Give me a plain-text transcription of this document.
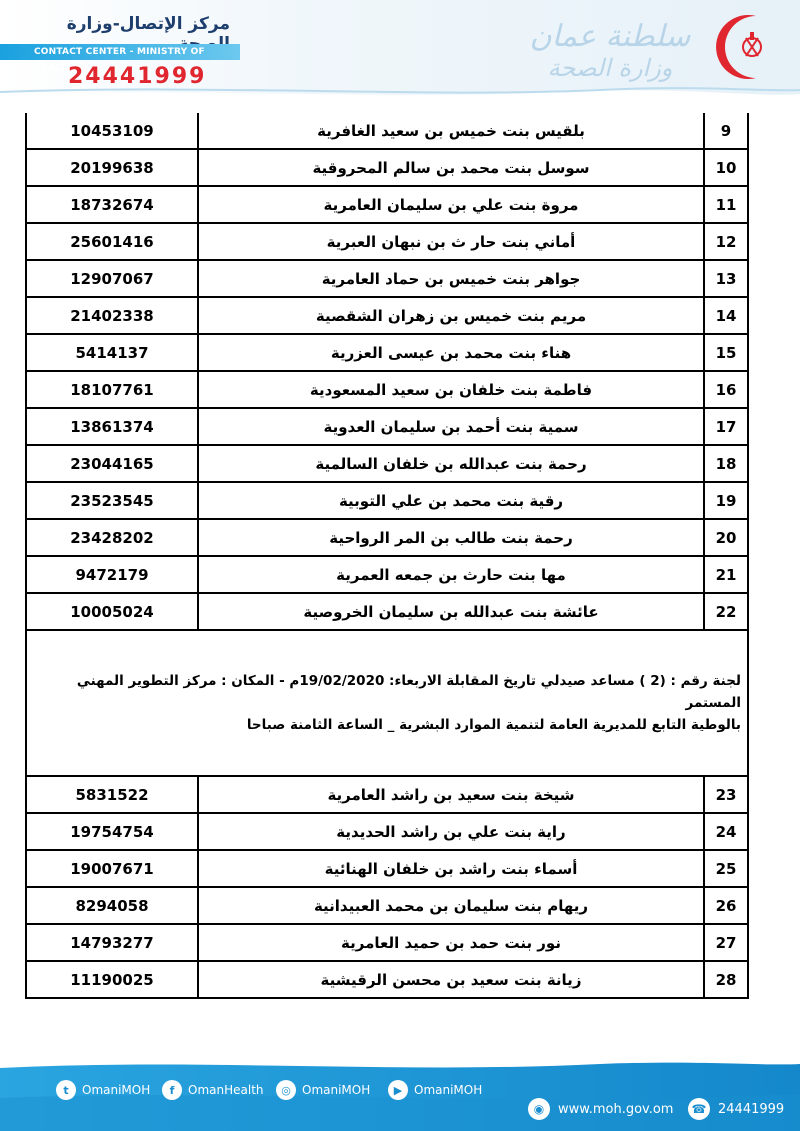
مركز الإتصال-وزارة
CONTACT CENTER - MINISTRY OF HEALTH
24441999
سلطنة عمان
وزارة الصحة
10453109	بلقيس بنت خميس بن سعيد الغافرية	9
20199638	سوسل بنت محمد بن سالم المحروقية	10
18732674	مروة بنت علي بن سليمان العامرية	11
25601416	أماني بنت حار ث بن نبهان العبرية	12
12907067	جواهر بنت خميس بن حماد العامرية	13
21402338	مريم بنت خميس بن زهران الشقصية	14
5414137	هناء بنت محمد بن عيسى العزرية	15
18107761	فاطمة بنت خلفان بن سعيد المسعودية	16
13861374	سمية بنت أحمد بن سليمان العدوية	17
23044165	رحمة بنت عبدالله بن خلفان السالمية	18
23523545	رقية بنت محمد بن علي التوبية	19
23428202	رحمة بنت طالب بن المر الرواحية	20
9472179	مها بنت حارث بن جمعه العمرية	21
10005024	عائشة بنت عبدالله بن سليمان الخروصية	22

لجنة رقم : (2 ) مساعد صيدلي تاريخ المقابلة الاربعاء: 19/02/2020م - المكان : مركز التطوير المهني المستمر
بالوطية التابع للمديرية العامة لتنمية الموارد البشرية _ الساعة الثامنة صباحا		

5831522	شيخة بنت سعيد بن راشد العامرية	23
19754754	راية بنت علي بن راشد الحديدية	24
19007671	أسماء بنت راشد بن خلفان الهنائية	25
8294058	ريهام بنت سليمان بن محمد العبيدانية	26
14793277	نور بنت حمد بن حميد العامرية	27
11190025	زيانة بنت سعيد بن محسن الرقيشية	28
t	OmaniMOH	f	OmanHealth	◎ OmaniMOH	▶ OmaniMOH
◉	www.moh.gov.om ☎ 24441999
